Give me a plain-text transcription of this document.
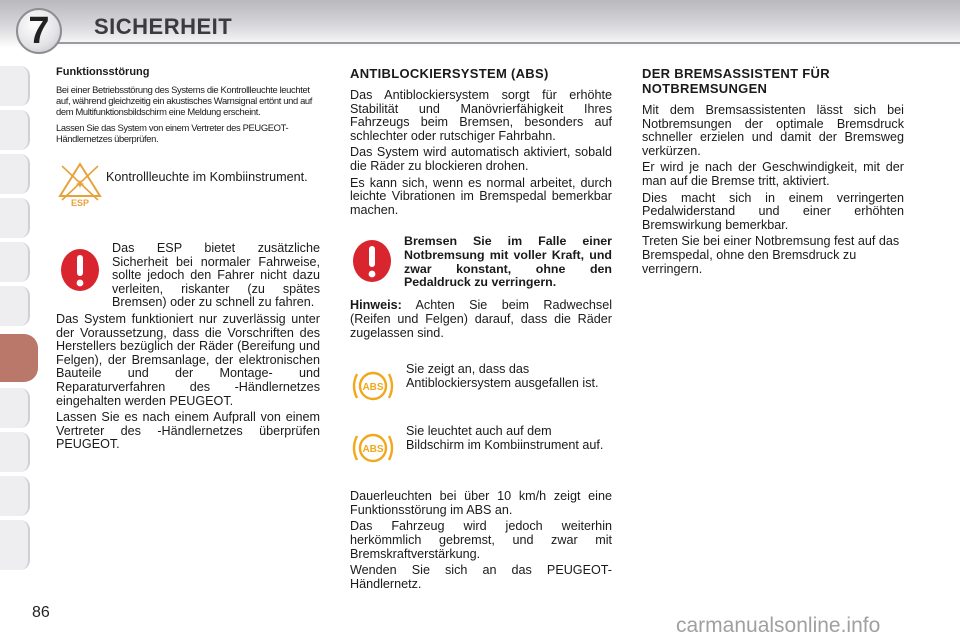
7 SICHERHEIT
Funktionsstörung

Bei einer Betriebsstörung des Systems die Kontrollleuchte leuchtet auf, während gleichzeitig ein akustisches Warnsignal ertönt und auf dem Multifunktionsbildschirm eine Meldung erscheint.

Lassen Sie das System von einem Vertreter des PEUGEOT-Händlernetzes überprüfen.

✦
ESP
Kontrollleuchte im Kombiinstrument.

Das ESP bietet zusätzliche Sicherheit bei normaler Fahrweise, sollte jedoch den Fahrer nicht dazu verleiten, riskanter (zu spätes Bremsen) oder zu schnell zu fahren.

Das System funktioniert nur zuverlässig unter der Voraussetzung, dass die Vorschriften des Herstellers bezüglich der Räder (Bereifung und Felgen), der Bremsanlage, der elektronischen Bauteile und der Montage- und Reparaturverfahren des -Händlernetzes eingehalten werden PEUGEOT.

Lassen Sie es nach einem Aufprall von einem Vertreter des -Händlernetzes überprüfen PEUGEOT.

ANTIBLOCKIERSYSTEM (ABS)

Das Antiblockiersystem sorgt für erhöhte Stabilität und Manövrierfähigkeit Ihres Fahrzeugs beim Bremsen, besonders auf schlechter oder rutschiger Fahrbahn.

Das System wird automatisch aktiviert, sobald die Räder zu blockieren drohen.

Es kann sich, wenn es normal arbeitet, durch leichte Vibrationen im Bremspedal bemerkbar machen.

Bremsen Sie im Falle einer Notbremsung mit voller Kraft, und zwar konstant, ohne den Pedaldruck zu verringern.

Hinweis: Achten Sie beim Radwechsel (Reifen und Felgen) darauf, dass die Räder zugelassen sind.

ABS
Sie zeigt an, dass das Antiblockiersystem ausgefallen ist.
ABS
Sie leuchtet auch auf dem Bildschirm im Kombiinstrument auf.

Dauerleuchten bei über 10 km/h zeigt eine Funktionsstörung im ABS an.

Das Fahrzeug wird jedoch weiterhin herkömmlich gebremst, und zwar mit Bremskraftverstärkung.

Wenden Sie sich an das PEUGEOT-Händlernetz.

DER BREMSASSISTENT FÜR NOTBREMSUNGEN

Mit dem Bremsassistenten lässt sich bei Notbremsungen der optimale Bremsdruck schneller erzielen und damit der Bremsweg verkürzen.

Er wird je nach der Geschwindigkeit, mit der man auf die Bremse tritt, aktiviert.

Dies macht sich in einem verringerten Pedalwiderstand und einer erhöhten Bremswirkung bemerkbar.

Treten Sie bei einer Notbremsung fest auf das Bremspedal, ohne den Bremsdruck zu verringern.

86
carmanualsonline.info
